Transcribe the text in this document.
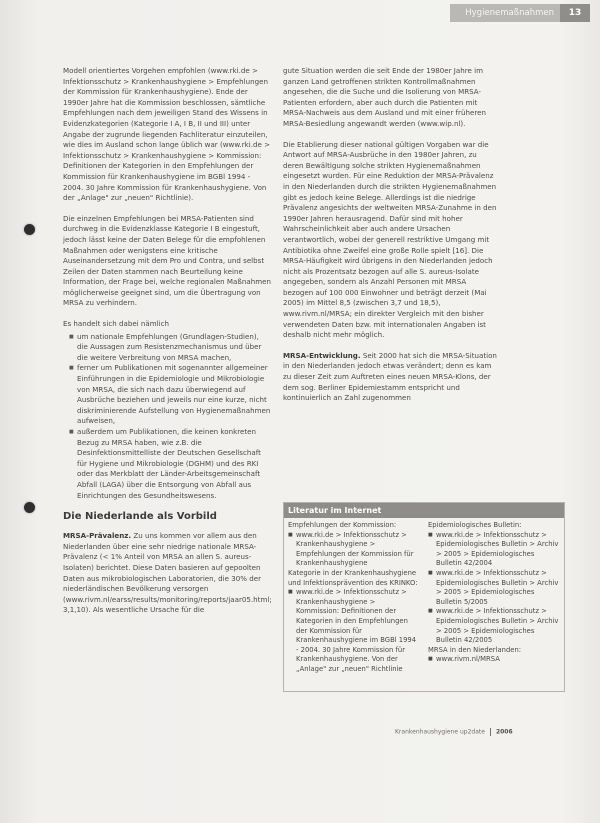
Hygienemaßnahmen	13

Modell orientiertes Vorgehen empfohlen (www.rki.de > Infektionsschutz > Krankenhaushygiene > Empfehlungen der Kommission für Krankenhaushygiene). Ende der 1990er Jahre hat die Kommission beschlossen, sämtliche Empfehlungen nach dem jeweiligen Stand des Wissens in Evidenzkategorien (Kategorie I A, I B, II und III) unter Angabe der zugrunde liegenden Fachliteratur einzuteilen, wie dies im Ausland schon lange üblich war (www.rki.de > Infektionsschutz > Krankenhaushygiene > Kommission: Definitionen der Kategorien in den Empfehlungen der Kommission für Krankenhaushygiene im BGBl 1994 - 2004. 30 Jahre Kommission für Krankenhaushygiene. Von der „Anlage" zur „neuen" Richtlinie).

Die einzelnen Empfehlungen bei MRSA-Patienten sind durchweg in die Evidenzklasse Kategorie I B eingestuft, jedoch lässt keine der Daten Belege für die empfohlenen Maßnahmen oder wenigstens eine kritische Auseinandersetzung mit dem Pro und Contra, und selbst Zeilen der Daten stammen nach Beurteilung keine Information, der Frage bei, welche regionalen Maßnahmen möglicherweise geeignet sind, um die Übertragung von MRSA zu verhindern.

Es handelt sich dabei nämlich

■ um nationale Empfehlungen (Grundlagen-Studien), die Aussagen zum Resistenzmechanismus und über die weitere Verbreitung von MRSA machen,
■ ferner um Publikationen mit sogenannter allgemeiner Einführungen in die Epidemiologie und Mikrobiologie von MRSA, die sich nach dazu überwiegend auf Ausbrüche beziehen und jeweils nur eine kurze, nicht diskriminierende Aufstellung von Hygienemaßnahmen aufweisen,
■ außerdem um Publikationen, die keinen konkreten Bezug zu MRSA haben, wie z.B. die Desinfektionsmittelliste der Deutschen Gesellschaft für Hygiene und Mikrobiologie (DGHM) und des RKI oder das Merkblatt der Länder-Arbeitsgemeinschaft Abfall (LAGA) über die Entsorgung von Abfall aus Einrichtungen des Gesundheitswesens.
Die Niederlande als Vorbild

MRSA-Prävalenz. Zu uns kommen vor allem aus den Niederlanden über eine sehr niedrige nationale MRSA-Prävalenz (< 1% Anteil von MRSA an allen S. aureus-Isolaten) berichtet. Diese Daten basieren auf gepoolten Daten aus mikrobiologischen Laboratorien, die 30% der niederländischen Bevölkerung versorgen (www.rivm.nl/earss/results/monitoring/reports/jaar05.html; 3,1,10). Als wesentliche Ursache für die

gute Situation werden die seit Ende der 1980er Jahre im ganzen Land getroffenen strikten Kontrollmaßnahmen angesehen, die die Suche und die Isolierung von MRSA-Patienten erfordern, aber auch durch die Patienten mit MRSA-Nachweis aus dem Ausland und mit einer früheren MRSA-Besiedlung angewandt werden (www.wip.nl).

Die Etablierung dieser national gültigen Vorgaben war die Antwort auf MRSA-Ausbrüche in den 1980er Jahren, zu deren Bewältigung solche strikten Hygienemaßnahmen eingesetzt wurden. Für eine Reduktion der MRSA-Prävalenz in den Niederlanden durch die strikten Hygienemaßnahmen gibt es jedoch keine Belege. Allerdings ist die niedrige Prävalenz angesichts der weltweiten MRSA-Zunahme in den 1990er Jahren herausragend. Dafür sind mit hoher Wahrscheinlichkeit aber auch andere Ursachen verantwortlich, wobei der generell restriktive Umgang mit Antibiotika ohne Zweifel eine große Rolle spielt [16]. Die MRSA-Häufigkeit wird übrigens in den Niederlanden jedoch nicht als Prozentsatz bezogen auf alle S. aureus-Isolate angegeben, sondern als Anzahl Personen mit MRSA bezogen auf 100 000 Einwohner und beträgt derzeit (Mai 2005) im Mittel 8,5 (zwischen 3,7 und 18,5), www.rivm.nl/MRSA; ein direkter Vergleich mit den bisher verwendeten Daten bzw. mit internationalen Angaben ist deshalb nicht mehr möglich.

MRSA-Entwicklung. Seit 2000 hat sich die MRSA-Situation in den Niederlanden jedoch etwas verändert; denn es kam zu dieser Zeit zum Auftreten eines neuen MRSA-Klons, der dem sog. Berliner Epidemiestamm entspricht und kontinuierlich an Zahl zugenommen

Literatur im Internet

Empfehlungen der Kommission:

■ www.rki.de > Infektionsschutz > Krankenhaushygiene > Empfehlungen der Kommission für Krankenhaushygiene

Kategorie in der Krankenhaushygiene und Infektionsprävention des KRINKO:

■ www.rki.de > Infektionsschutz > Krankenhaushygiene > Kommission: Definitionen der Kategorien in den Empfehlungen der Kommission für Krankenhaushygiene im BGBl 1994 - 2004. 30 Jahre Kommission für Krankenhaushygiene. Von der „Anlage" zur „neuen" Richtlinie

Epidemiologisches Bulletin:

■ www.rki.de > Infektionsschutz > Epidemiologisches Bulletin > Archiv > 2005 > Epidemiologisches Bulletin 42/2004
■ www.rki.de > Infektionsschutz > Epidemiologisches Bulletin > Archiv > 2005 > Epidemiologisches Bulletin 5/2005
■ www.rki.de > Infektionsschutz > Epidemiologisches Bulletin > Archiv > 2005 > Epidemiologisches Bulletin 42/2005

MRSA in den Niederlanden:

■ www.rivm.nl/MRSA
Krankenhaushygiene up2date 2006
